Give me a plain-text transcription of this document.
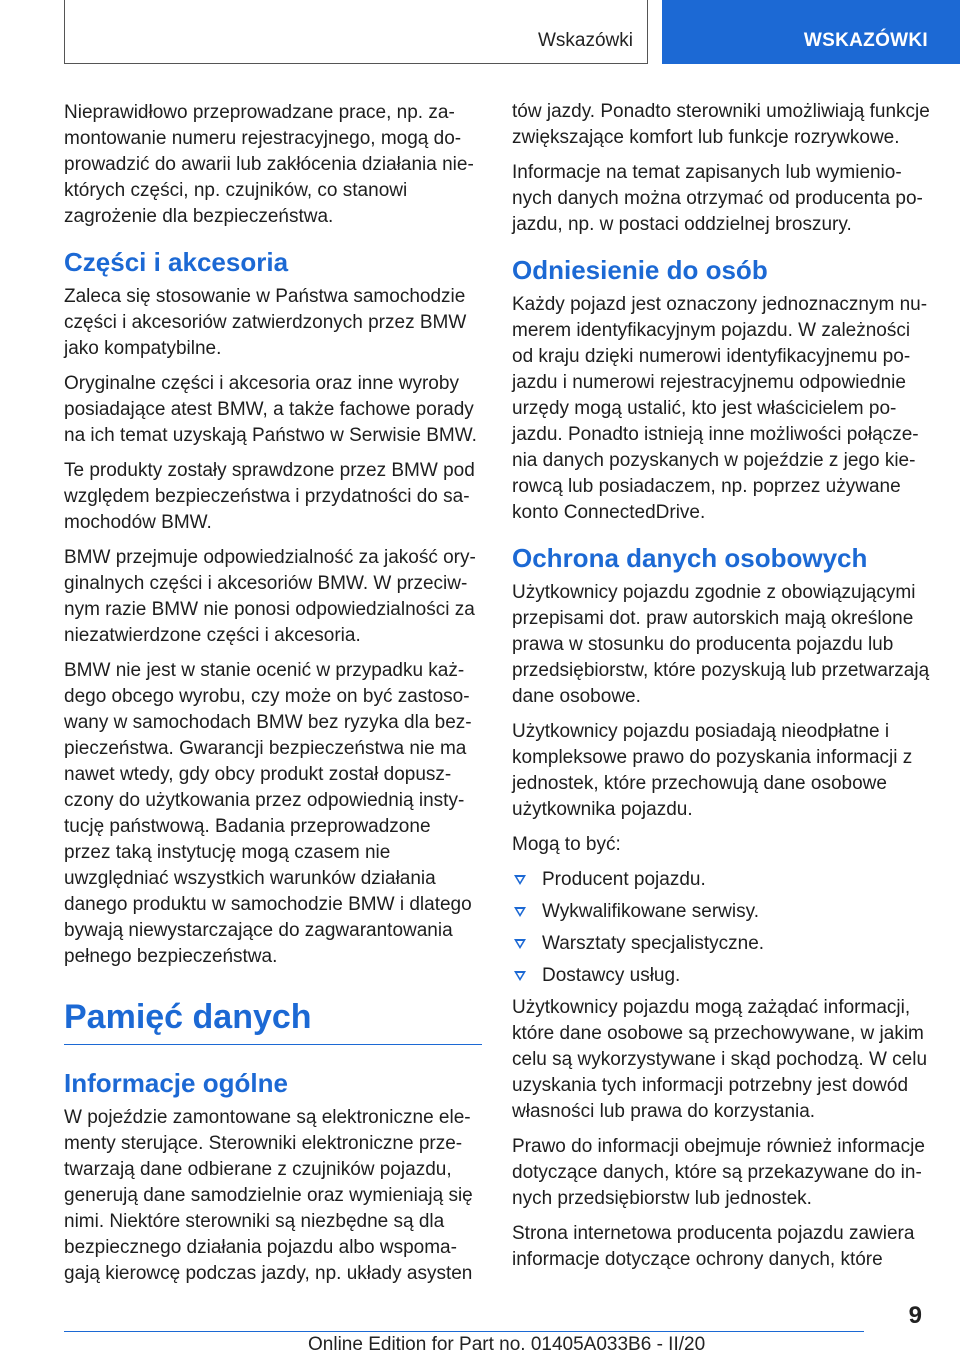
Wskazówki	WSKAZÓWKI

Nieprawidłowo przeprowadzane prace, np. zamontowanie numeru rejestracyjnego, mogą doprowadzić do awarii lub zakłócenia działania niektórych części, np. czujników, co stanowi zagrożenie dla bezpieczeństwa.

Części i akcesoria

Zaleca się stosowanie w Państwa samochodzie części i akcesoriów zatwierdzonych przez BMW jako kompatybilne.

Oryginalne części i akcesoria oraz inne wyroby posiadające atest BMW, a także fachowe porady na ich temat uzyskają Państwo w Serwisie BMW.

Te produkty zostały sprawdzone przez BMW pod względem bezpieczeństwa i przydatności do samochodów BMW.

BMW przejmuje odpowiedzialność za jakość oryginalnych części i akcesoriów BMW. W przeciwnym razie BMW nie ponosi odpowiedzialności za niezatwierdzone części i akcesoria.

BMW nie jest w stanie ocenić w przypadku każdego obcego wyrobu, czy może on być zastosowany w samochodach BMW bez ryzyka dla bezpieczeństwa. Gwarancji bezpieczeństwa nie ma nawet wtedy, gdy obcy produkt został dopuszczony do użytkowania przez odpowiednią instytucję państwową. Badania przeprowadzone przez taką instytucję mogą czasem nie uwzględniać wszystkich warunków działania danego produktu w samochodzie BMW i dlatego bywają niewystarczające do zagwarantowania pełnego bezpieczeństwa.

Pamięć danych
Informacje ogólne

W pojeździe zamontowane są elektroniczne elementy sterujące. Sterowniki elektroniczne przetwarzają dane odbierane z czujników pojazdu, generują dane samodzielnie oraz wymieniają się nimi. Niektóre sterowniki są niezbędne są dla bezpiecznego działania pojazdu albo wspomagają kierowcę podczas jazdy, np. układy asysten

tów jazdy. Ponadto sterowniki umożliwiają funkcje zwiększające komfort lub funkcje rozrywkowe.

Informacje na temat zapisanych lub wymienionych danych można otrzymać od producenta pojazdu, np. w postaci oddzielnej broszury.

Odniesienie do osób

Każdy pojazd jest oznaczony jednoznacznym numerem identyfikacyjnym pojazdu. W zależności od kraju dzięki numerowi identyfikacyjnemu pojazdu i numerowi rejestracyjnemu odpowiednie urzędy mogą ustalić, kto jest właścicielem pojazdu. Ponadto istnieją inne możliwości połączenia danych pozyskanych w pojeździe z jego kierowcą lub posiadaczem, np. poprzez używane konto ConnectedDrive.

Ochrona danych osobowych

Użytkownicy pojazdu zgodnie z obowiązującymi przepisami dot. praw autorskich mają określone prawa w stosunku do producenta pojazdu lub przedsiębiorstw, które pozyskują lub przetwarzają dane osobowe.

Użytkownicy pojazdu posiadają nieodpłatne i kompleksowe prawo do pozyskania informacji z jednostek, które przechowują dane osobowe użytkownika pojazdu.

Mogą to być:

Producent pojazdu.
Wykwalifikowane serwisy.
Warsztaty specjalistyczne.
Dostawcy usług.

Użytkownicy pojazdu mogą zażądać informacji, które dane osobowe są przechowywane, w jakim celu są wykorzystywane i skąd pochodzą. W celu uzyskania tych informacji potrzebny jest dowód własności lub prawa do korzystania.

Prawo do informacji obejmuje również informacje dotyczące danych, które są przekazywane do innych przedsiębiorstw lub jednostek.

Strona internetowa producenta pojazdu zawiera informacje dotyczące ochrony danych, które

9
Online Edition for Part no. 01405A033B6 - II/20
